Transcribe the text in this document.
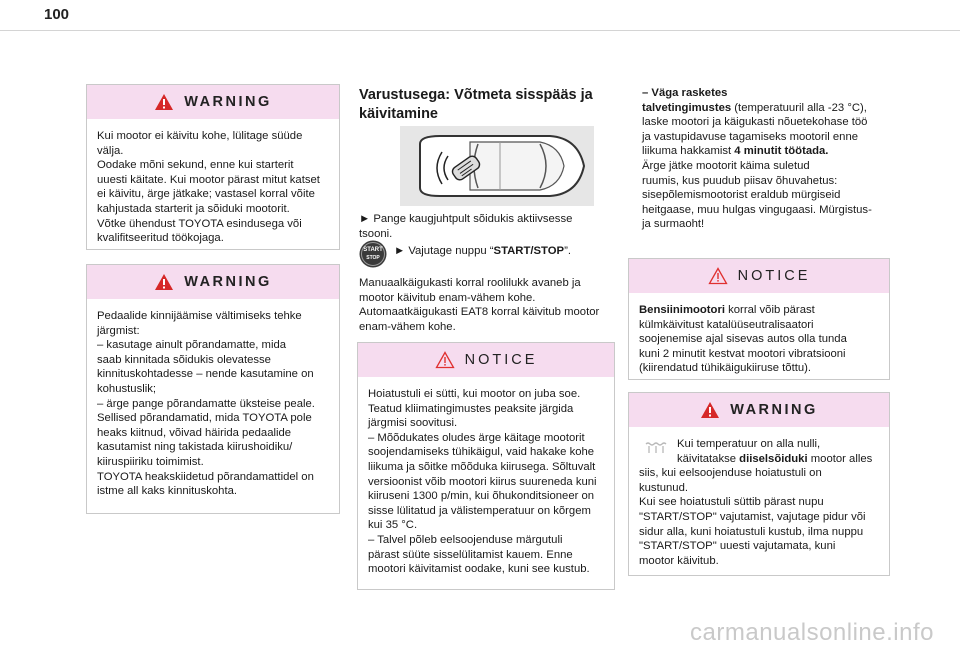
100
WARNING
Kui mootor ei käivitu kohe, lülitage süüde
välja.
Oodake mõni sekund, enne kui starterit
uuesti käitate. Kui mootor pärast mitut katset
ei käivitu, ärge jätkake; vastasel korral võite
kahjustada starterit ja sõiduki mootorit.
Võtke ühendust TOYOTA esindusega või
kvalifitseeritud töökojaga.
WARNING
Pedaalide kinnijäämise vältimiseks tehke
järgmist:
– kasutage ainult põrandamatte, mida
saab kinnitada sõidukis olevatesse
kinnituskohtadesse – nende kasutamine on
kohustuslik;
– ärge pange põrandamatte üksteise peale.
Sellised põrandamatid, mida TOYOTA pole
heaks kiitnud, võivad häirida pedaalide
kasutamist ning takistada kiirushoidiku/
kiiruspiiriku toimimist.
TOYOTA heakskiidetud põrandamattidel on
istme all kaks kinnituskohta.
Varustusega: Võtmeta sisspääs ja
käivitamine
► Pange kaugjuhtpult sõidukis aktiivsesse
tsooni.
START
STOP
► Vajutage nuppu “START/STOP”.
Manuaalkäigukasti korral roolilukk avaneb ja
mootor käivitub enam-vähem kohe.
Automaatkäigukasti EAT8 korral käivitub mootor
enam-vähem kohe.
NOTICE
Hoiatustuli ei sütti, kui mootor on juba soe.
Teatud kliimatingimustes peaksite järgida
järgmisi soovitusi.
– Mõõdukates oludes ärge käitage mootorit
soojendamiseks tühikäigul, vaid hakake kohe
liikuma ja sõitke mõõduka kiirusega. Sõltuvalt
versioonist võib mootori kiirus suureneda kuni
kiiruseni 1300 p/min, kui õhukonditsioneer on
sisse lülitatud ja välistemperatuur on kõrgem
kui 35 °C.
– Talvel põleb eelsoojenduse märgutuli
pärast süüte sisselülitamist kauem. Enne
mootori käivitamist oodake, kuni see kustub.
– Väga rasketes
talvetingimustes (temperatuuril alla -23 °C),
laske mootori ja käigukasti nõuetekohase töö
ja vastupidavuse tagamiseks mootoril enne
liikuma hakkamist 4 minutit töötada.
Ärge jätke mootorit käima suletud
ruumis, kus puudub piisav õhuvahetus:
sisepõlemismootorist eraldub mürgiseid
heitgaase, muu hulgas vingugaasi. Mürgistus-
ja surmaoht!
NOTICE
Bensiinimootori korral võib pärast
külmkäivitust katalüüseutralisaatori
soojenemise ajal sisevas autos olla tunda
kuni 2 minutit kestvat mootori vibratsiooni
(kiirendatud tühikäigukiiruse tõttu).
WARNING
Kui temperatuur on alla nulli,
käivitatakse diiselsõiduki mootor alles
siis, kui eelsoojenduse hoiatustuli on
kustunud.
Kui see hoiatustuli süttib pärast nupu
"START/STOP" vajutamist, vajutage pidur või
sidur alla, kuni hoiatustuli kustub, ilma nuppu
"START/STOP" uuesti vajutamata, kuni
mootor käivitub.
carmanualsonline.info
